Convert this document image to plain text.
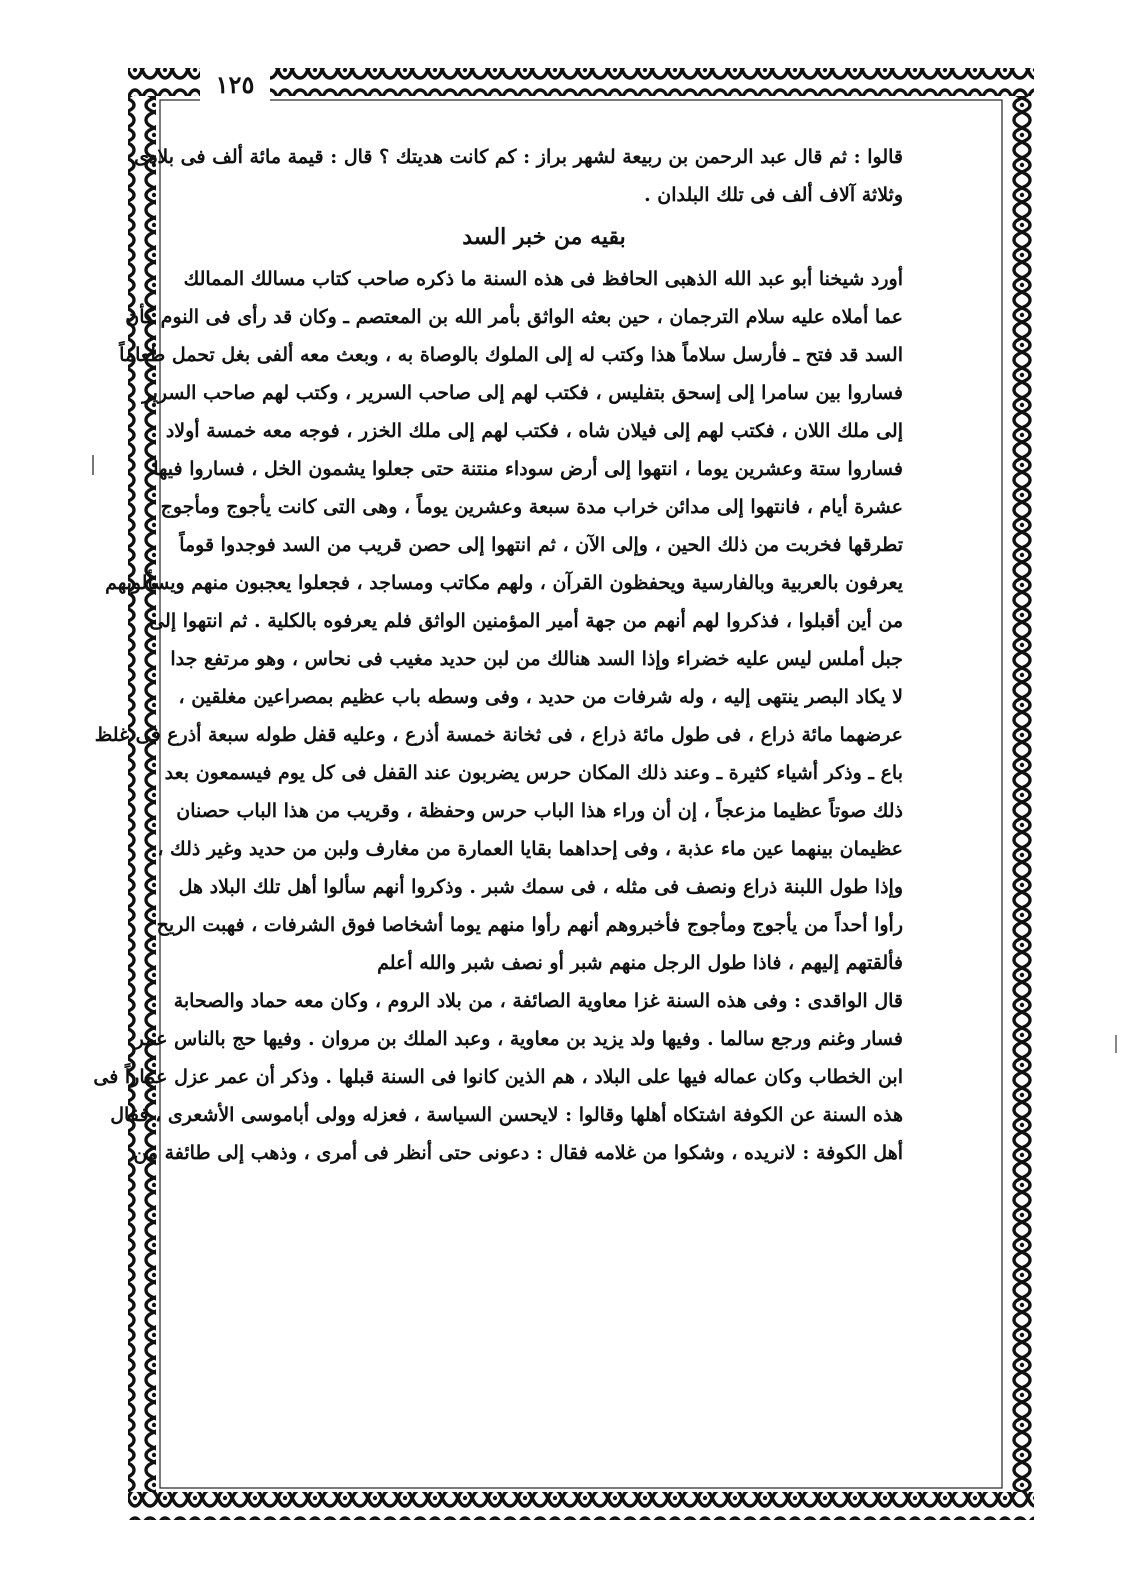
١٢٥
قالوا : ثم قال عبد الرحمن بن ربيعة لشهر براز : كم كانت هديتك ؟ قال : قيمة مائة ألف فى بلادى
وثلاثة آلاف ألف فى تلك البلدان .
بقيه من خبر السد
أورد شيخنا أبو عبد الله الذهبى الحافظ فى هذه السنة ما ذكره صاحب كتاب مسالك الممالك
عما أملاه عليه سلام الترجمان ، حين بعثه الواثق بأمر الله بن المعتصم ـ وكان قد رأى فى النوم كأن
السد قد فتح ـ فأرسل سلاماً هذا وكتب له إلى الملوك بالوصاة به ، وبعث معه ألفى بغل تحمل طعاماً
فساروا بين سامرا إلى إسحق بتفليس ، فكتب لهم إلى صاحب السرير ، وكتب لهم صاحب السرير
إلى ملك اللان ، فكتب لهم إلى فيلان شاه ، فكتب لهم إلى ملك الخزر ، فوجه معه خمسة أولاد
فساروا ستة وعشرين يوما ، انتهوا إلى أرض سوداء منتنة حتى جعلوا يشمون الخل ، فساروا فيها
عشرة أيام ، فانتهوا إلى مدائن خراب مدة سبعة وعشرين يوماً ، وهى التى كانت يأجوج ومأجوج
تطرقها فخربت من ذلك الحين ، وإلى الآن ، ثم انتهوا إلى حصن قريب من السد فوجدوا قوماً
يعرفون بالعربية وبالفارسية ويحفظون القرآن ، ولهم مكاتب ومساجد ، فجعلوا يعجبون منهم ويسألونهم
من أين أقبلوا ، فذكروا لهم أنهم من جهة أمير المؤمنين الواثق فلم يعرفوه بالكلية . ثم انتهوا إلى
جبل أملس ليس عليه خضراء وإذا السد هنالك من لبن حديد مغيب فى نحاس ، وهو مرتفع جدا
لا يكاد البصر ينتهى إليه ، وله شرفات من حديد ، وفى وسطه باب عظيم بمصراعين مغلقين ،
عرضهما مائة ذراع ، فى طول مائة ذراع ، فى ثخانة خمسة أذرع ، وعليه قفل طوله سبعة أذرع فى غلظ
باع ـ وذكر أشياء كثيرة ـ وعند ذلك المكان حرس يضربون عند القفل فى كل يوم فيسمعون بعد
ذلك صوتاً عظيما مزعجاً ، إن أن وراء هذا الباب حرس وحفظة ، وقريب من هذا الباب حصنان
عظيمان بينهما عين ماء عذبة ، وفى إحداهما بقايا العمارة من مغارف ولبن من حديد وغير ذلك ،
وإذا طول اللبنة ذراع ونصف فى مثله ، فى سمك شبر . وذكروا أنهم سألوا أهل تلك البلاد هل
رأوا أحداً من يأجوج ومأجوج فأخبروهم أنهم رأوا منهم يوما أشخاصا فوق الشرفات ، فهبت الريح
فألقتهم إليهم ، فاذا طول الرجل منهم شبر أو نصف شبر والله أعلم
قال الواقدى : وفى هذه السنة غزا معاوية الصائفة ، من بلاد الروم ، وكان معه حماد والصحابة
فسار وغنم ورجع سالما . وفيها ولد يزيد بن معاوية ، وعبد الملك بن مروان . وفيها حج بالناس عمر
ابن الخطاب وكان عماله فيها على البلاد ، هم الذين كانوا فى السنة قبلها . وذكر أن عمر عزل عماراً فى
هذه السنة عن الكوفة اشتكاه أهلها وقالوا : لايحسن السياسة ، فعزله وولى أباموسى الأشعرى ، فقال
أهل الكوفة : لانريده ، وشكوا من غلامه فقال : دعونى حتى أنظر فى أمرى ، وذهب إلى طائفة من
